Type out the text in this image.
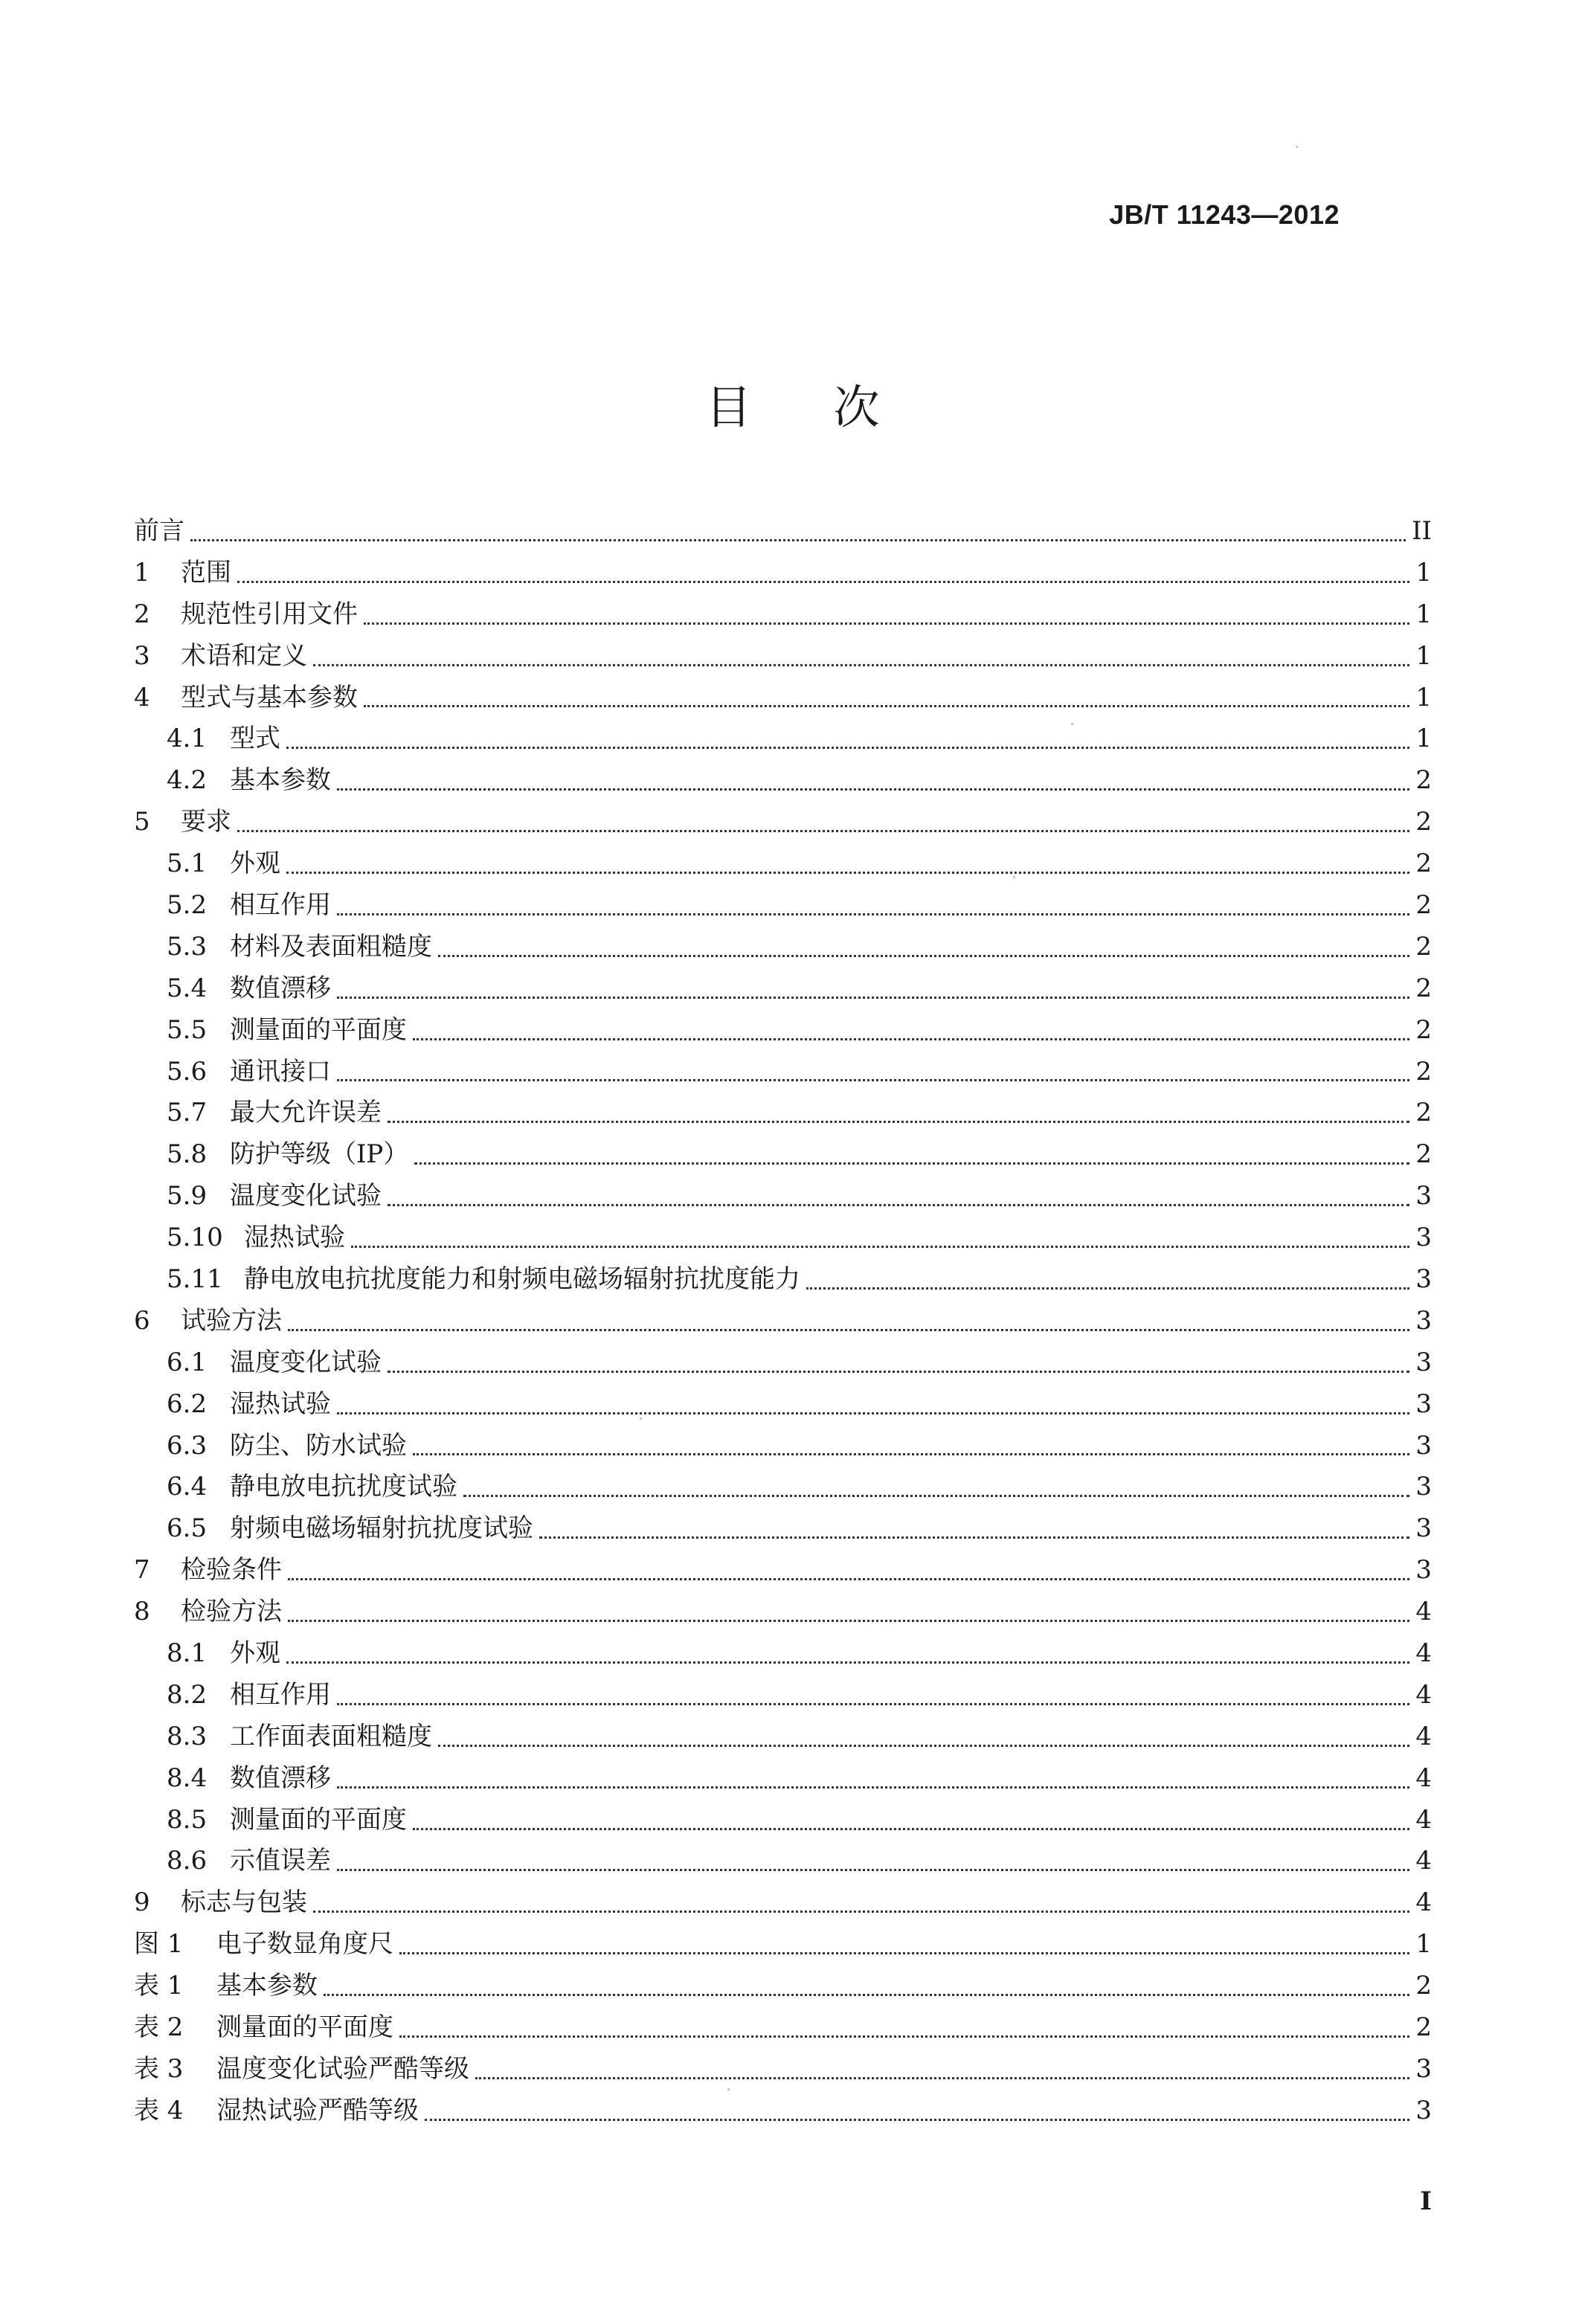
JB/T 11243—2012
目次
前言	II
1	范围	1
2	规范性引用文件	1
3	术语和定义	1
4	型式与基本参数	1
4.1 型式	1
4.2 基本参数	2
5	要求	2
5.1 外观	2
5.2 相互作用	2
5.3 材料及表面粗糙度	2
5.4 数值漂移	2
5.5 测量面的平面度	2
5.6 通讯接口	2
5.7 最大允许误差	2
5.8 防护等级（IP）	2
5.9 温度变化试验	3
5.10 湿热试验	3
5.11 静电放电抗扰度能力和射频电磁场辐射抗扰度能力	3
6	试验方法	3
6.1 温度变化试验	3
6.2 湿热试验	3
6.3 防尘、防水试验	3
6.4 静电放电抗扰度试验	3
6.5 射频电磁场辐射抗扰度试验	3
7	检验条件	3
8	检验方法	4
8.1 外观	4
8.2 相互作用	4
8.3 工作面表面粗糙度	4
8.4 数值漂移	4
8.5 测量面的平面度	4
8.6 示值误差	4
9	标志与包装	4
图 1	电子数显角度尺	1
表 1	基本参数	2
表 2	测量面的平面度	2
表 3	温度变化试验严酷等级	3
表 4	湿热试验严酷等级	3
I
